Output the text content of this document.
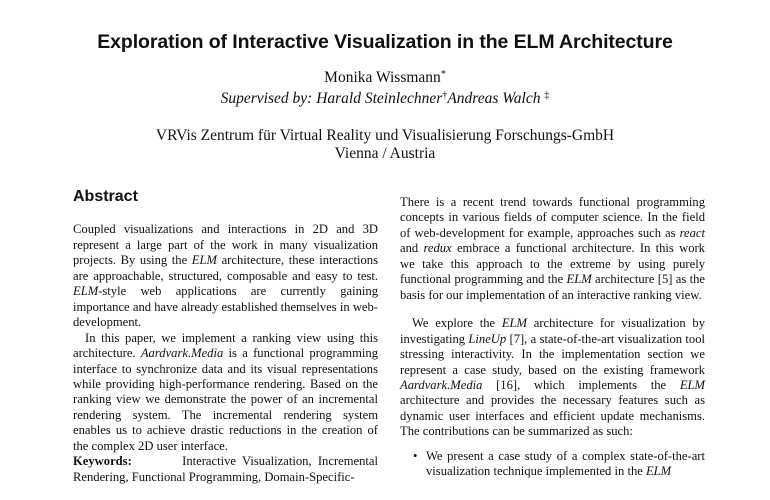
Exploration of Interactive Visualization in the ELM Architecture

Monika Wissmann*

Supervised by: Harald Steinlechner†Andreas Walch ‡

VRVis Zentrum für Virtual Reality und Visualisierung Forschungs-GmbH
Vienna / Austria
Abstract

Coupled visualizations and interactions in 2D and 3D represent a large part of the work in many visualization projects. By using the ELM architecture, these interactions are approachable, structured, composable and easy to test. ELM-style web applications are currently gaining importance and have already established themselves in web-development.

In this paper, we implement a ranking view using this architecture. Aardvark.Media is a functional programming interface to synchronize data and its visual representations while providing high-performance rendering. Based on the ranking view we demonstrate the power of an incremental rendering system. The incremental rendering system enables us to achieve drastic reductions in the creation of the complex 2D user interface.

Keywords:	Interactive Visualization, Incremental Rendering, Functional Programming, Domain-Specific-

There is a recent trend towards functional programming concepts in various fields of computer science. In the field of web-development for example, approaches such as react and redux embrace a functional architecture. In this work we take this approach to the extreme by using purely functional programming and the ELM architecture [5] as the basis for our implementation of an interactive ranking view.

We explore the ELM architecture for visualization by investigating LineUp [7], a state-of-the-art visualization tool stressing interactivity. In the implementation section we represent a case study, based on the existing framework Aardvark.Media [16], which implements the ELM architecture and provides the necessary features such as dynamic user interfaces and efficient update mechanisms. The contributions can be summarized as such:

• We present a case study of a complex state-of-the-art visualization technique implemented in the ELM
